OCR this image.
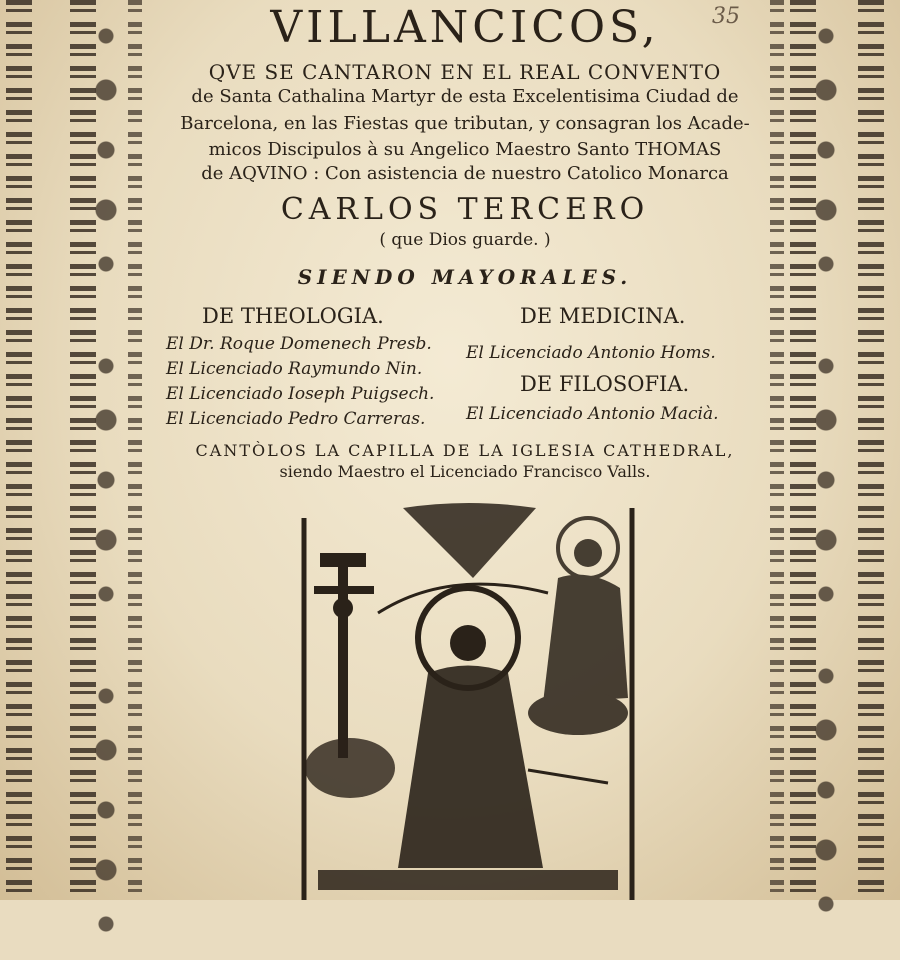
35
VILLANCICOS,
QVE SE CANTARON EN EL REAL CONVENTO
de Santa Cathalina Martyr de esta Excelentisima Ciudad de
Barcelona, en las Fiestas que tributan, y consagran los Acade-
micos Discipulos à su Angelico Maestro Santo THOMAS
de AQVINO : Con asistencia de nuestro Catolico Monarca
CARLOS TERCERO
( que Dios guarde. )
SIENDO MAYORALES.
DE THEOLOGIA.
El Dr. Roque Domenech Presb.
El Licenciado Raymundo Nin.
El Licenciado Ioseph Puigsech.
El Licenciado Pedro Carreras.
DE MEDICINA.
El Licenciado Antonio Homs.
DE FILOSOFIA.
El Licenciado Antonio Macià.
CANTÒLOS LA CAPILLA DE LA IGLESIA CATHEDRAL,
siendo Maestro el Licenciado Francisco Valls.
